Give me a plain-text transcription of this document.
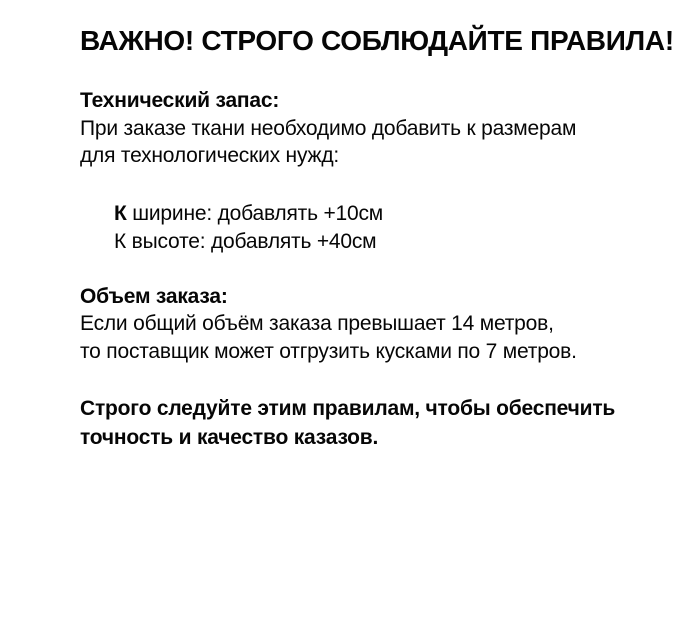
ВАЖНО! СТРОГО СОБЛЮДАЙТЕ ПРАВИЛА!
Технический запас:
При заказе ткани необходимо добавить к размерам
для технологических нужд:
К ширине: добавлять +10см
К высоте: добавлять +40см
Объем заказа:
Если общий объём заказа превышает 14 метров,
то поставщик может отгрузить кусками по 7 метров.
Строго следуйте этим правилам, чтобы обеспечить
точность и качество казазов.
